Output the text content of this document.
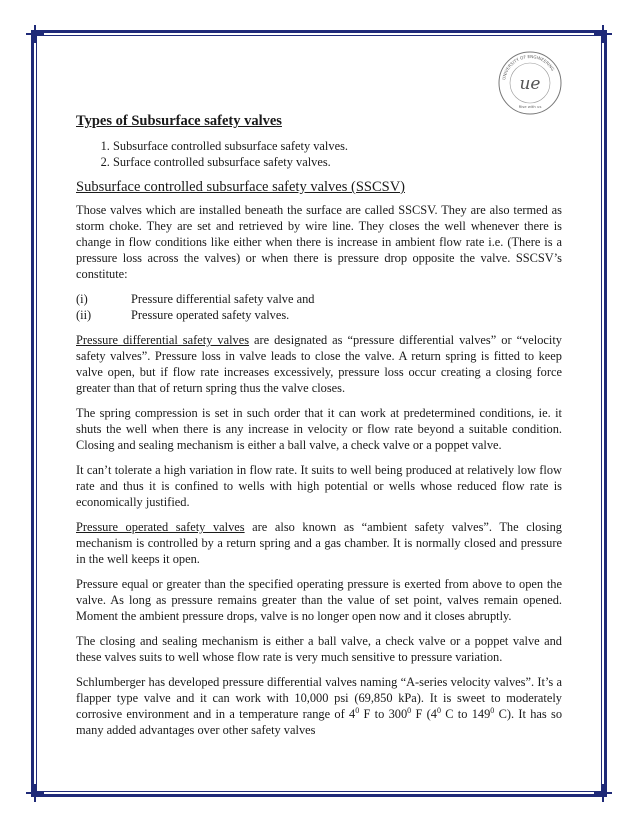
UNIVERSITY OF ENGINEERING
ue
Rise with us
Types of Subsurface safety valves
1. Subsurface controlled subsurface safety valves.
2. Surface controlled subsurface safety valves.
Subsurface controlled subsurface safety valves (SSCSV)

Those valves which are installed beneath the surface are called SSCSV. They are also termed as storm choke. They are set and retrieved by wire line. They closes the well whenever there is change in flow conditions like either when there is increase in ambient flow rate i.e. (There is a pressure loss across the valves) or when there is pressure drop opposite the valve. SSCSV’s constitute:

(i)	Pressure differential safety valve and
(ii)	Pressure operated safety valves.

Pressure differential safety valves are designated as “pressure differential valves” or “velocity safety valves”. Pressure loss in valve leads to close the valve. A return spring is fitted to keep valve open, but if flow rate increases excessively, pressure loss occur creating a closing force greater than that of return spring thus the valve closes.

The spring compression is set in such order that it can work at predetermined conditions, ie. it shuts the well when there is any increase in velocity or flow rate beyond a suitable condition. Closing and sealing mechanism is either a ball valve, a check valve or a poppet valve.

It can’t tolerate a high variation in flow rate. It suits to well being produced at relatively low flow rate and thus it is confined to wells with high potential or wells whose reduced flow rate is economically justified.

Pressure operated safety valves are also known as “ambient safety valves”. The closing mechanism is controlled by a return spring and a gas chamber. It is normally closed and pressure in the well keeps it open.

Pressure equal or greater than the specified operating pressure is exerted from above to open the valve. As long as pressure remains greater than the value of set point, valves remain opened. Moment the ambient pressure drops, valve is no longer open now and it closes abruptly.

The closing and sealing mechanism is either a ball valve, a check valve or a poppet valve and these valves suits to well whose flow rate is very much sensitive to pressure variation.

Schlumberger has developed pressure differential valves naming “A-series velocity valves”. It’s a flapper type valve and it can work with 10,000 psi (69,850 kPa). It is sweet to moderately corrosive environment and in a temperature range of $4^0$ F to $300^0$ F ($4^0$ C to $149^0$ C). It has so many added advantages over other safety valves
